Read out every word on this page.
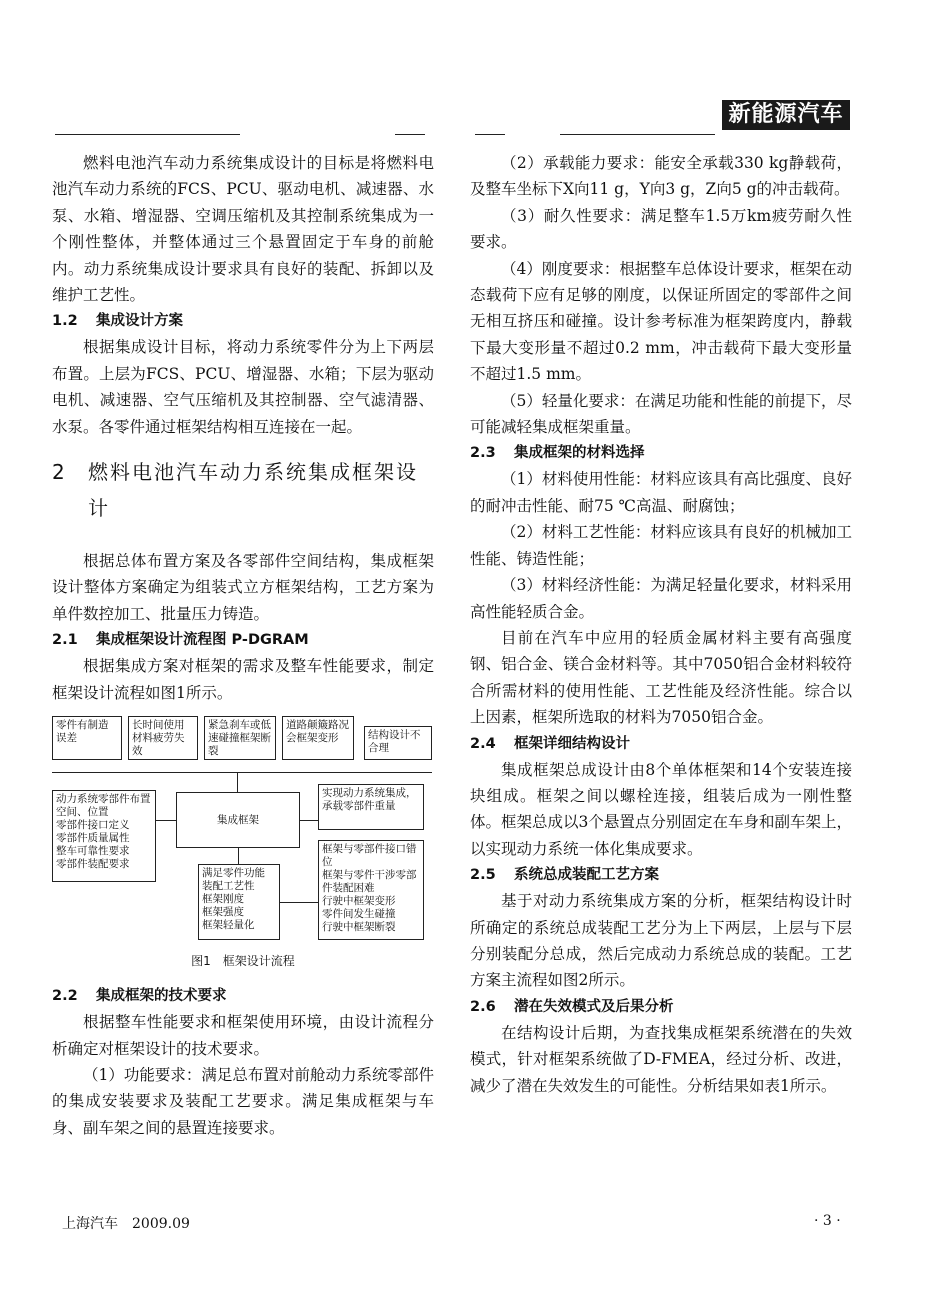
新能源汽车

燃料电池汽车动力系统集成设计的目标是将燃料电池汽车动力系统的FCS、PCU、驱动电机、减速器、水泵、水箱、增湿器、空调压缩机及其控制系统集成为一个刚性整体，并整体通过三个悬置固定于车身的前舱内。动力系统集成设计要求具有良好的装配、拆卸以及维护工艺性。

1.2 集成设计方案

根据集成设计目标，将动力系统零件分为上下两层布置。上层为FCS、PCU、增湿器、水箱；下层为驱动电机、减速器、空气压缩机及其控制器、空气滤清器、水泵。各零件通过框架结构相互连接在一起。

2	燃料电池汽车动力系统集成框架设计

根据总体布置方案及各零部件空间结构，集成框架设计整体方案确定为组装式立方框架结构，工艺方案为单件数控加工、批量压力铸造。

2.1 集成框架设计流程图 P-DGRAM

根据集成方案对框架的需求及整车性能要求，制定框架设计流程如图1所示。

零件有制造误差
长时间使用材料疲劳失效
紧急刹车或低速碰撞框架断裂
道路颠簸路况会框架变形	结构设计不合理
动力系统零部件布置空间、位置
零部件接口定义
零部件质量属性
整车可靠性要求
零部件装配要求
集成框架
实现动力系统集成，承载零部件重量
框架与零部件接口错位
框架与零件干涉零部件装配困难
行驶中框架变形
零件间发生碰撞
行驶中框架断裂
满足零件功能
装配工艺性
框架刚度
框架强度
框架轻量化
图1　框架设计流程
2.2 集成框架的技术要求

根据整车性能要求和框架使用环境，由设计流程分析确定对框架设计的技术要求。

（1）功能要求：满足总布置对前舱动力系统零部件的集成安装要求及装配工艺要求。满足集成框架与车身、副车架之间的悬置连接要求。

（2）承载能力要求：能安全承载330 kg静载荷，及整车坐标下X向11 g，Y向3 g，Z向5 g的冲击载荷。

（3）耐久性要求：满足整车1.5万km疲劳耐久性要求。

（4）刚度要求：根据整车总体设计要求，框架在动态载荷下应有足够的刚度，以保证所固定的零部件之间无相互挤压和碰撞。设计参考标准为框架跨度内，静载下最大变形量不超过0.2 mm，冲击载荷下最大变形量不超过1.5 mm。

（5）轻量化要求：在满足功能和性能的前提下，尽可能减轻集成框架重量。

2.3 集成框架的材料选择

（1）材料使用性能：材料应该具有高比强度、良好的耐冲击性能、耐75 ℃高温、耐腐蚀；

（2）材料工艺性能：材料应该具有良好的机械加工性能、铸造性能；

（3）材料经济性能：为满足轻量化要求，材料采用高性能轻质合金。

目前在汽车中应用的轻质金属材料主要有高强度钢、铝合金、镁合金材料等。其中7050铝合金材料较符合所需材料的使用性能、工艺性能及经济性能。综合以上因素，框架所选取的材料为7050铝合金。

2.4 框架详细结构设计

集成框架总成设计由8个单体框架和14个安装连接块组成。框架之间以螺栓连接，组装后成为一刚性整体。框架总成以3个悬置点分别固定在车身和副车架上，以实现动力系统一体化集成要求。

2.5 系统总成装配工艺方案

基于对动力系统集成方案的分析，框架结构设计时所确定的系统总成装配工艺分为上下两层，上层与下层分别装配分总成，然后完成动力系统总成的装配。工艺方案主流程如图2所示。

2.6 潜在失效模式及后果分析

在结构设计后期，为查找集成框架系统潜在的失效模式，针对框架系统做了D-FMEA，经过分析、改进，减少了潜在失效发生的可能性。分析结果如表1所示。

上海汽车　2009.09	· 3 ·
